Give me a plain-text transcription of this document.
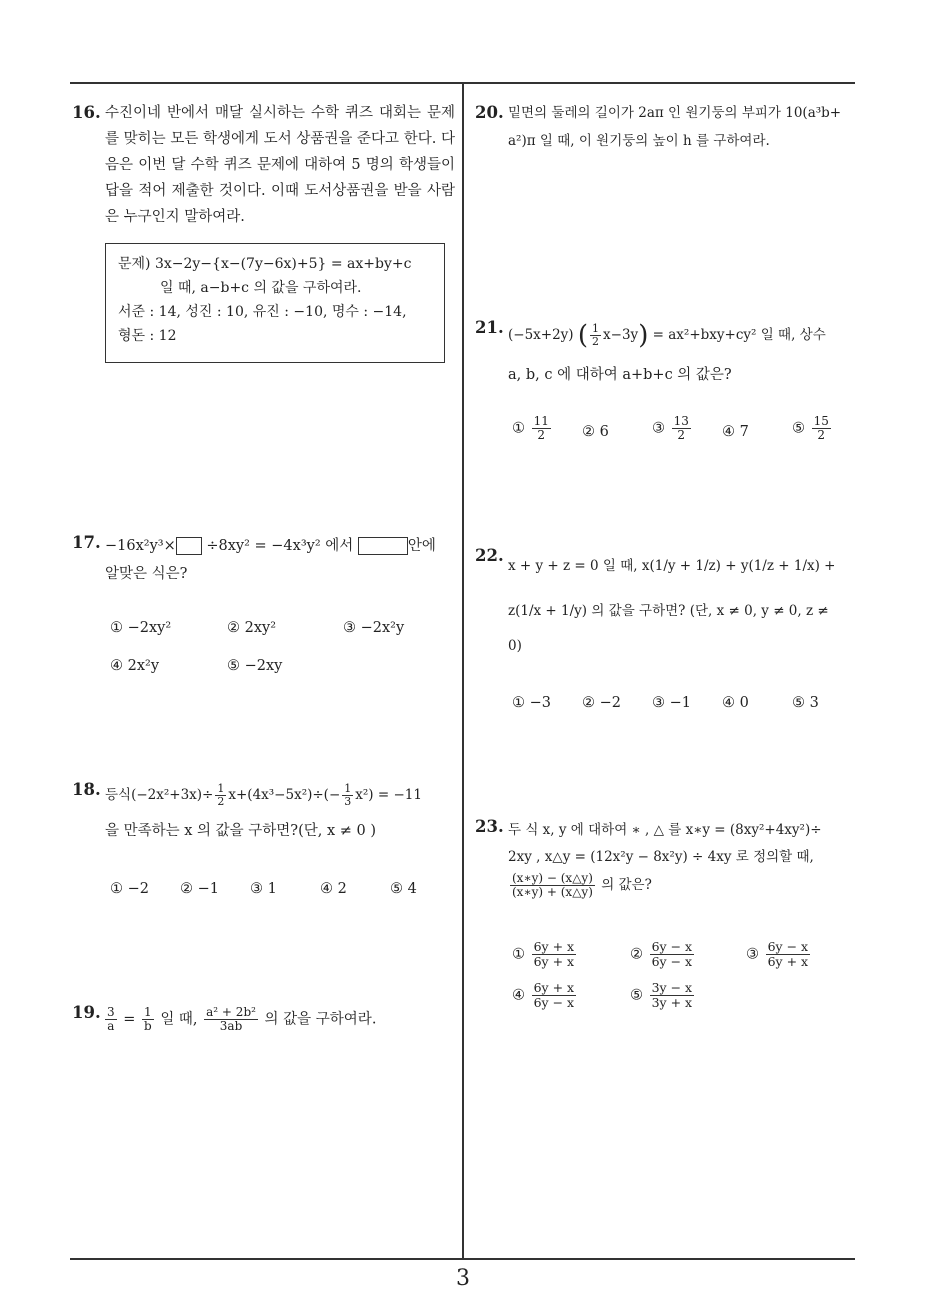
16. 수진이네 반에서 매달 실시하는 수학 퀴즈 대회는 문제를 맞히는 모든 학생에게 도서 상품권을 준다고 한다. 다음은 이번 달 수학 퀴즈 문제에 대하여 5 명의 학생들이 답을 적어 제출한 것이다. 이때 도서상품권을 받을 사람은 누구인지 말하여라.
문제) 3x−2y−{x−(7y−6x)+5} = ax+by+c
일 때, a−b+c 의 값을 구하여라.
서준 : 14, 성진 : 10, 유진 : −10, 명수 : −14,
형돈 : 12
17. −16x²y³× ÷8xy² = −4x³y² 에서	안에
알맞은 식은?
① −2xy²	② 2xy²	③ −2x²y
④ 2x²y	⑤ −2xy
18. 등식$(-2x^2+3x)\div \frac{1}{2} x+(4x^3-5x^2)\div(- \frac{1}{3} x^2) = -11$
을 만족하는 x 의 값을 구하면?(단, x ≠ 0 )
① −2 ② −1 ③ 1	④ 2	⑤ 4
19. $\frac{3}{a} = \frac{1}{b}$ 일 때, $\frac{\text{a² + 2b²}}{3ab}$ 의 값을 구하여라.
20. 밑면의 둘레의 길이가 2aπ 인 원기둥의 부피가 10(a³b+
a²)π 일 때, 이 원기둥의 높이 h 를 구하여라.
21. (−5x+2y) ( $\frac{1}{2} x-3y) = ax^2+bxy+cy^2$ 일 때, 상수
a, b, c 에 대하여 a+b+c 의 값은?
① $\frac{11}{2}$ ② 6	③ $\frac{13}{2}$ ④ 7	⑤ $\frac{15}{2}$
22.
x + y + z = 0 일 때, x(1/y + 1/z) + y(1/z + 1/x) +
z(1/x + 1/y) 의 값을 구하면? (단, x ≠ 0, y ≠ 0, z ≠
0)
① −3 ② −2 ③ −1 ④ 0	⑤ 3
23. 두 식 x, y 에 대하여 ∗ , △ 를 x∗y = (8xy²+4xy²)÷
2xy , x△y = (12x²y − 8x²y) ÷ 4xy 로 정의할 때,
$\frac{(x∗y) - (x\triangle y)}{(x∗y) + (x\triangle y)}$ 의 값은?
① $\frac{6y + x}{6y + x}$	② $\frac{6y - x}{6y - x}$	③ $\frac{6y - x}{6y + x}$
④ $\frac{6y + x}{6y - x}$	⑤ $\frac{3y - x}{3y + x}$
3
